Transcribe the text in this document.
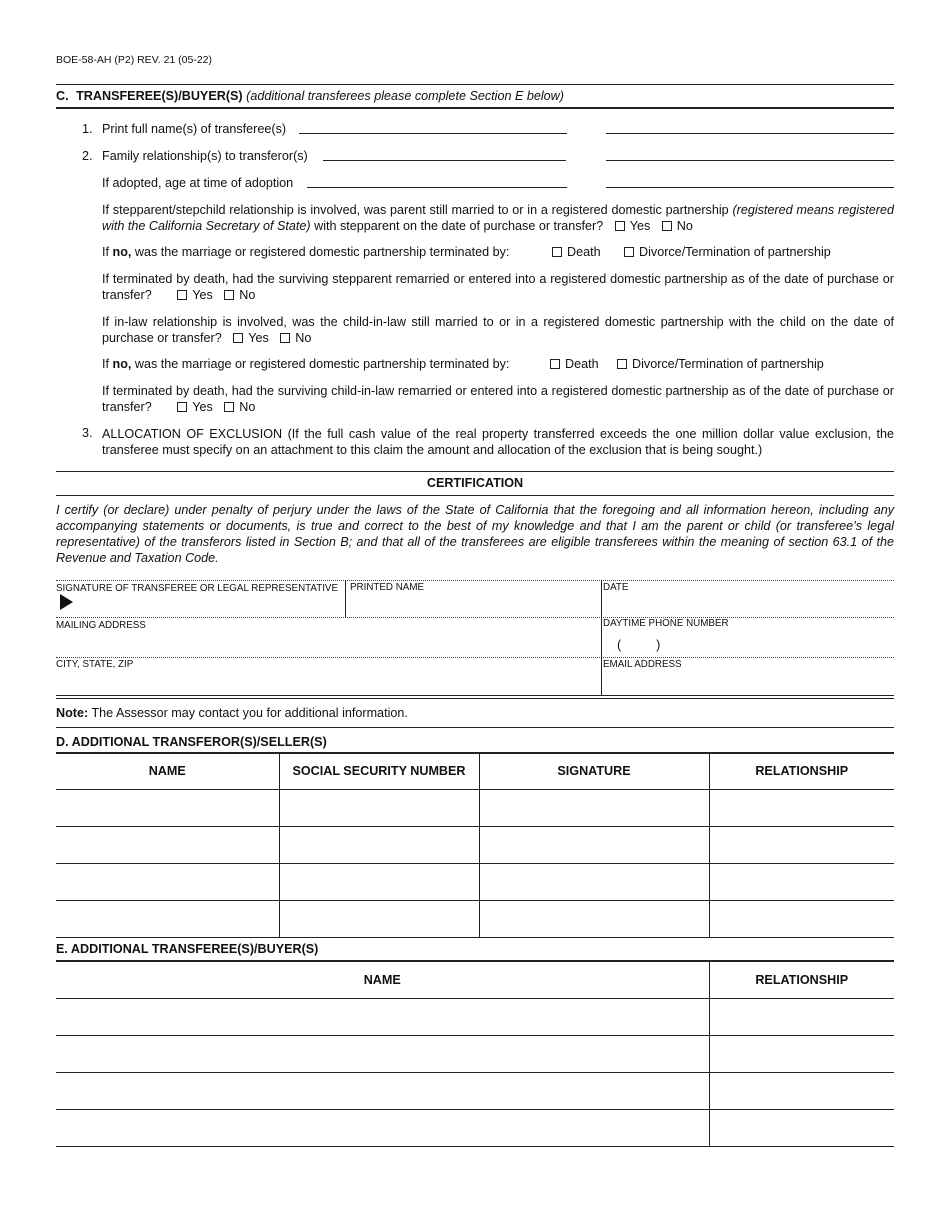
BOE-58-AH (P2) REV. 21 (05-22)
C. TRANSFEREE(S)/BUYER(S) (additional transferees please complete Section E below)
1. Print full name(s) of transferee(s)
2. Family relationship(s) to transferor(s)
If adopted, age at time of adoption
If stepparent/stepchild relationship is involved, was parent still married to or in a registered domestic partnership (registered means registered with the California Secretary of State) with stepparent on the date of purchase or transfer? Yes No
If no, was the marriage or registered domestic partnership terminated by:	Death	Divorce/Termination of partnership
If terminated by death, had the surviving stepparent remarried or entered into a registered domestic partnership as of the date of purchase or transfer?	Yes No
If in-law relationship is involved, was the child-in-law still married to or in a registered domestic partnership with the child on the date of purchase or transfer? Yes No
If no, was the marriage or registered domestic partnership terminated by:	Death	Divorce/Termination of partnership
If terminated by death, had the surviving child-in-law remarried or entered into a registered domestic partnership as of the date of purchase or transfer?	Yes No
3. ALLOCATION OF EXCLUSION (If the full cash value of the real property transferred exceeds the one million dollar value exclusion, the transferee must specify on an attachment to this claim the amount and allocation of the exclusion that is being sought.)
CERTIFICATION
I certify (or declare) under penalty of perjury under the laws of the State of California that the foregoing and all information hereon, including any accompanying statements or documents, is true and correct to the best of my knowledge and that I am the parent or child (or transferee’s legal representative) of the transferors listed in Section B; and that all of the transferees are eligible transferees within the meaning of section 63.1 of the Revenue and Taxation Code.
SIGNATURE OF TRANSFEREE OR LEGAL REPRESENTATIVE PRINTED NAME	DATE
MAILING ADDRESS	DAYTIME PHONE NUMBER
(          )
CITY, STATE, ZIP	EMAIL ADDRESS
Note: The Assessor may contact you for additional information.
D. ADDITIONAL TRANSFEROR(S)/SELLER(S)
NAME	SOCIAL SECURITY NUMBER	SIGNATURE	RELATIONSHIP

E. ADDITIONAL TRANSFEREE(S)/BUYER(S)
NAME	RELATIONSHIP
